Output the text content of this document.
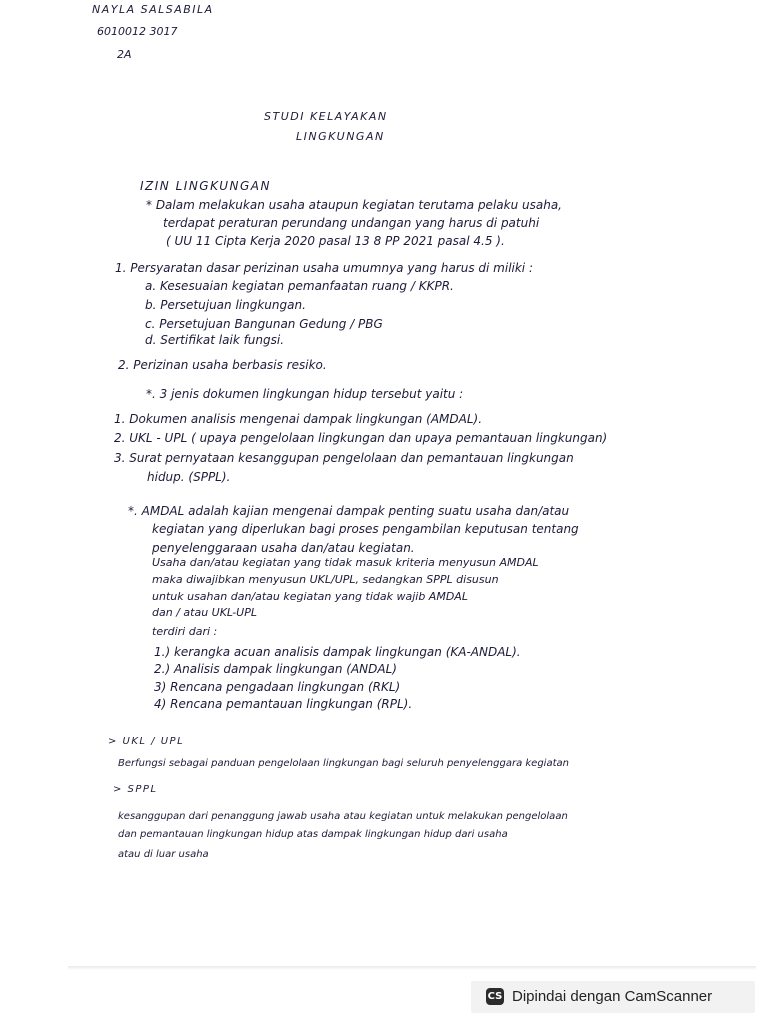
NAYLA SALSABILA
6010012 3017
2A
STUDI KELAYAKAN
LINGKUNGAN
IZIN LINGKUNGAN
* Dalam melakukan usaha ataupun kegiatan terutama pelaku usaha,
terdapat peraturan perundang undangan yang harus di patuhi
( UU 11 Cipta Kerja 2020 pasal 13 8 PP 2021 pasal 4.5 ).
1. Persyaratan dasar perizinan usaha umumnya yang harus di miliki :
a. Kesesuaian kegiatan pemanfaatan ruang / KKPR.
b. Persetujuan lingkungan.
c. Persetujuan Bangunan Gedung / PBG
d. Sertifikat laik fungsi.
2. Perizinan usaha berbasis resiko.
*. 3 jenis dokumen lingkungan hidup tersebut yaitu :
1. Dokumen analisis mengenai dampak lingkungan (AMDAL).
2. UKL - UPL ( upaya pengelolaan lingkungan dan upaya pemantauan lingkungan)
3. Surat pernyataan kesanggupan pengelolaan dan pemantauan lingkungan
hidup. (SPPL).
*. AMDAL adalah kajian mengenai dampak penting suatu usaha dan/atau
kegiatan yang diperlukan bagi proses pengambilan keputusan tentang
penyelenggaraan usaha dan/atau kegiatan.
Usaha dan/atau kegiatan yang tidak masuk kriteria menyusun AMDAL
maka diwajibkan menyusun UKL/UPL, sedangkan SPPL disusun
untuk usahan dan/atau kegiatan yang tidak wajib AMDAL
dan / atau UKL-UPL
terdiri dari :
1.) kerangka acuan analisis dampak lingkungan (KA-ANDAL).
2.) Analisis dampak lingkungan (ANDAL)
3) Rencana pengadaan lingkungan (RKL)
4) Rencana pemantauan lingkungan (RPL).
> UKL / UPL
Berfungsi sebagai panduan pengelolaan lingkungan bagi seluruh penyelenggara kegiatan
> SPPL
kesanggupan dari penanggung jawab usaha atau kegiatan untuk melakukan pengelolaan
dan pemantauan lingkungan hidup atas dampak lingkungan hidup dari usaha
atau di luar usaha
CS Dipindai dengan CamScanner
